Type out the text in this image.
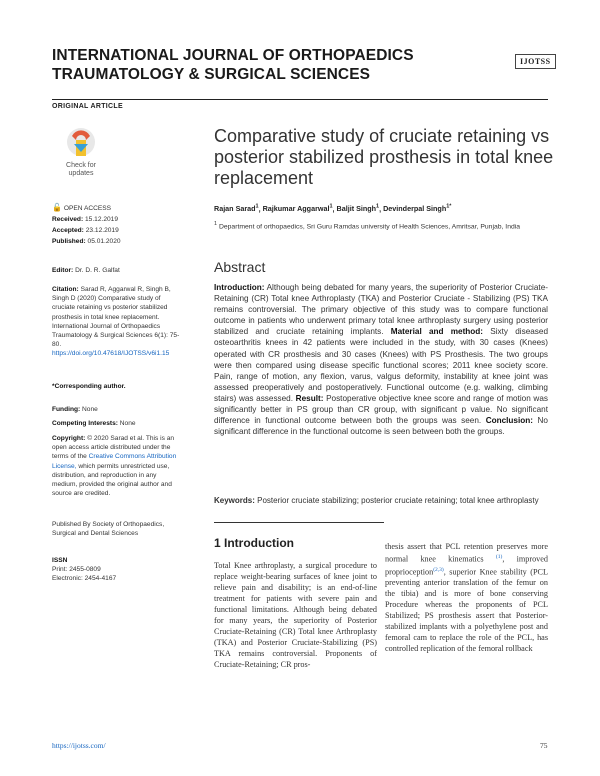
INTERNATIONAL JOURNAL OF ORTHOPAEDICS
TRAUMATOLOGY & SURGICAL SCIENCES
IJOTSS
ORIGINAL ARTICLE
Check for
updates
🔓 OPEN ACCESS
Received: 15.12.2019
Accepted: 23.12.2019
Published: 05.01.2020
Editor: Dr. D. R. Galfat
Citation: Sarad R, Aggarwal R, Singh B, Singh D (2020) Comparative study of cruciate retaining vs posterior stabilized prosthesis in total knee replacement. International Journal of Orthopaedics Traumatology & Surgical Sciences 6(1): 75-80. https://doi.org/10.47618/IJOTSS/v6i1.15
*Corresponding author.
Funding: None
Competing Interests: None
Copyright: © 2020 Sarad et al. This is an open access article distributed under the terms of the Creative Commons Attribution License, which permits unrestricted use, distribution, and reproduction in any medium, provided the original author and source are credited.
Published By Society of Orthopaedics, Surgical and Dental Sciences
ISSN
Print: 2455-0809
Electronic: 2454-4167
Comparative study of cruciate retaining vs posterior stabilized prosthesis in total knee replacement
Rajan Sarad$^1$, Rajkumar Aggarwal$^1$, Baljit Singh$^1$, Devinderpal Singh$^{1*}$
$^1$ Department of orthopaedics, Sri Guru Ramdas university of Health Sciences, Amritsar, Punjab, India
Abstract
Introduction: Although being debated for many years, the superiority of Posterior Cruciate-Retaining (CR) Total knee Arthroplasty (TKA) and Posterior Cruciate - Stabilizing (PS) TKA remains controversial. The primary objective of this study was to compare functional outcome in patients who underwent primary total knee arthroplasty surgery using posterior stabilized and cruciate retaining implants. Material and method: Sixty diseased osteoarthritis knees in 42 patients were included in the study, with 30 cases (Knees) operated with CR prosthesis and 30 cases (Knees) with PS Prosthesis. The two groups were then compared using disease specific functional scores; 2011 knee society score. Pain, range of motion, any flexion, varus, valgus deformity, instability at knee joint was assessed preoperatively and postoperatively. Functional outcome (e.g. walking, climbing stairs) was assessed. Result: Postoperative objective knee score and range of motion was significantly better in PS group than CR group, with significant p value. No significant difference in functional outcome between both the groups was seen. Conclusion: No significant difference in the functional outcome is seen between both the groups.
Keywords: Posterior cruciate stabilizing; posterior cruciate retaining; total knee arthroplasty
1 Introduction
Total Knee arthroplasty, a surgical procedure to replace weight-bearing surfaces of knee joint to relieve pain and disability; is an end-of-line treatment for patients with severe pain and functional limitations. Although being debated for many years, the superiority of Posterior Cruciate-Retaining (CR) Total knee Arthroplasty (TKA) and Posterior Cruciate-Stabilizing (PS) TKA remains controversial. Proponents of Cruciate-Retaining; CR pros-
thesis assert that PCL retention preserves more normal knee kinematics $^{(1)}$, improved proprioception$^{(2,3)}$, superior Knee stability (PCL preventing anterior translation of the femur on the tibia) and is more of bone conserving Procedure whereas the proponents of PCL Stabilized; PS prosthesis assert that Posterior-stabilized implants with a polyethylene post and femoral cam to replace the role of the PCL, has controlled replication of the femoral rollback
https://ijotss.com/	75
